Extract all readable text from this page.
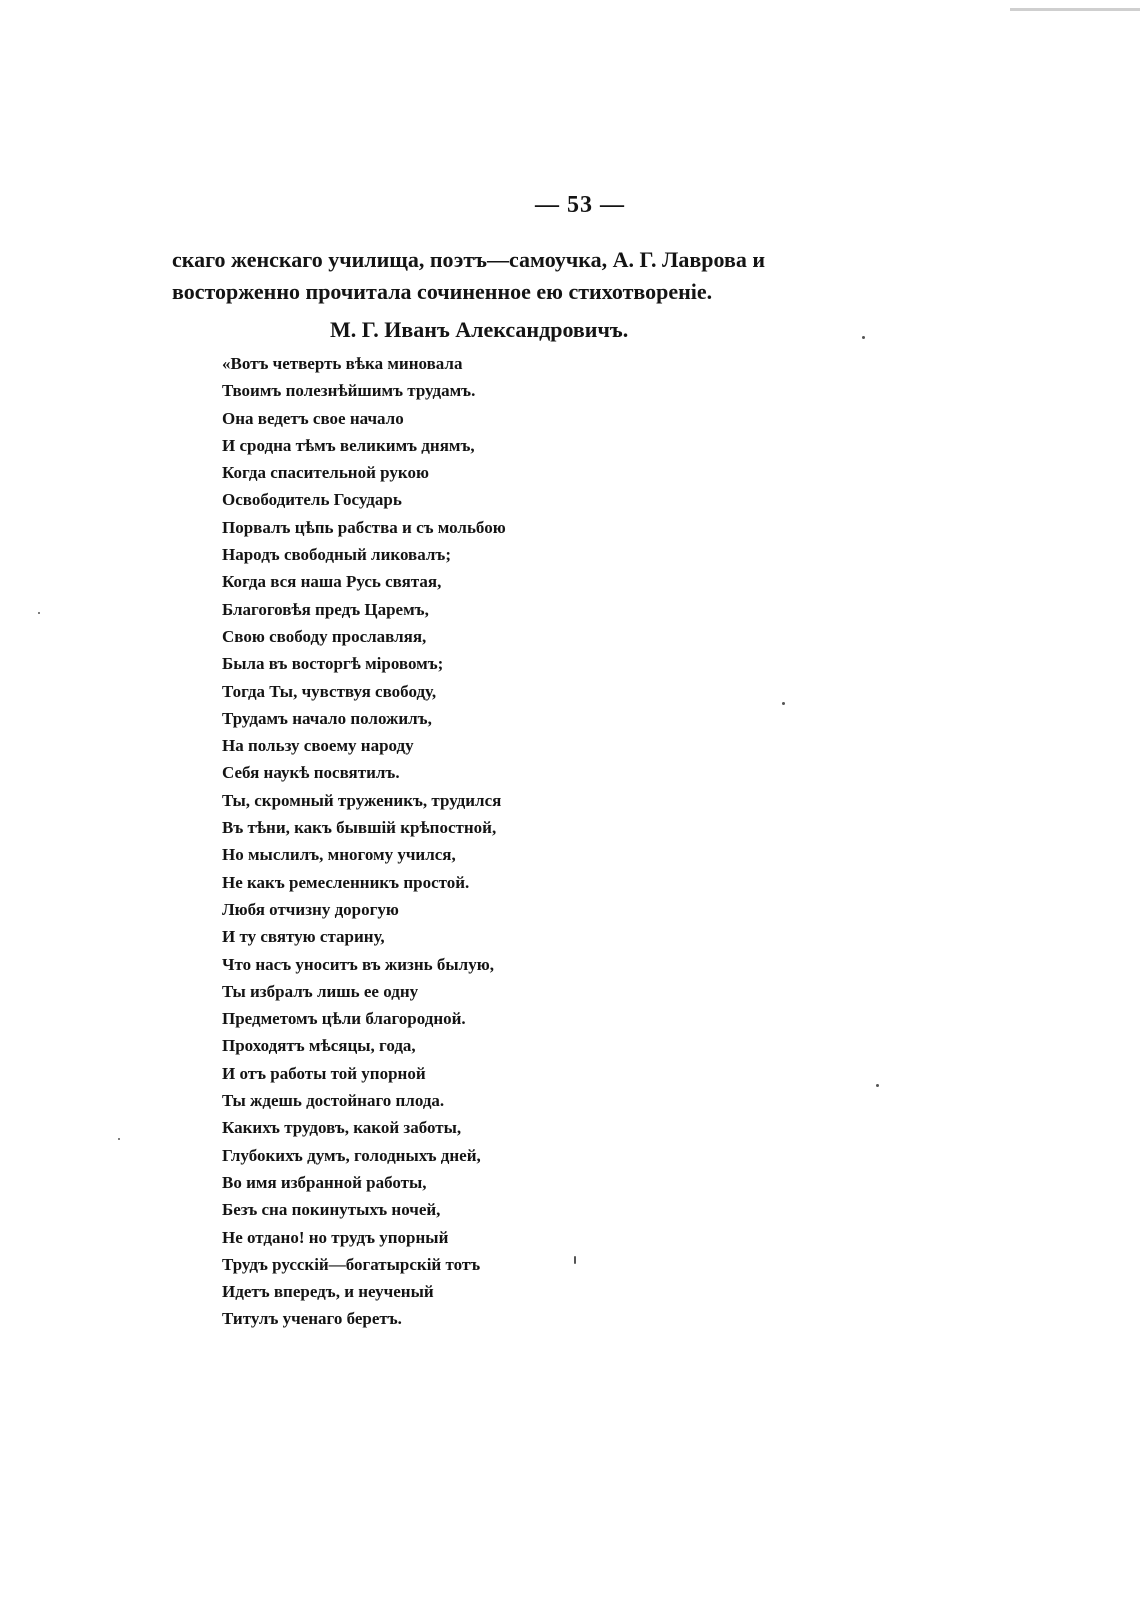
— 53 —
скаго женскаго училища, поэтъ—самоучка, А. Г. Лаврова и
восторженно прочитала сочиненное ею стихотвореніе.
М. Г. Иванъ Александровичъ.
«Вотъ четверть вѣка миновала
Твоимъ полезнѣйшимъ трудамъ.
Она ведетъ свое начало
И сродна тѣмъ великимъ днямъ,
Когда спасительной рукою
Освободитель Государь
Порвалъ цѣпь рабства и съ мольбою
Народъ свободный ликовалъ;
Когда вся наша Русь святая,
Благоговѣя предъ Царемъ,
Свою свободу прославляя,
Была въ восторгѣ міровомъ;
Тогда Ты, чувствуя свободу,
Трудамъ начало положилъ,
На пользу своему народу
Себя наукѣ посвятилъ.
Ты, скромный труженикъ, трудился
Въ тѣни, какъ бывшій крѣпостной,
Но мыслилъ, многому учился,
Не какъ ремесленникъ простой.
Любя отчизну дорогую
И ту святую старину,
Что насъ уноситъ въ жизнь былую,
Ты избралъ лишь ее одну
Предметомъ цѣли благородной.
Проходятъ мѣсяцы, года,
И отъ работы той упорной
Ты ждешь достойнаго плода.
Какихъ трудовъ, какой заботы,
Глубокихъ думъ, голодныхъ дней,
Во имя избранной работы,
Безъ сна покинутыхъ ночей,
Не отдано! но трудъ упорный
Трудъ русскій—богатырскій тотъ
Идетъ впередъ, и неученый
Титулъ ученаго беретъ.
